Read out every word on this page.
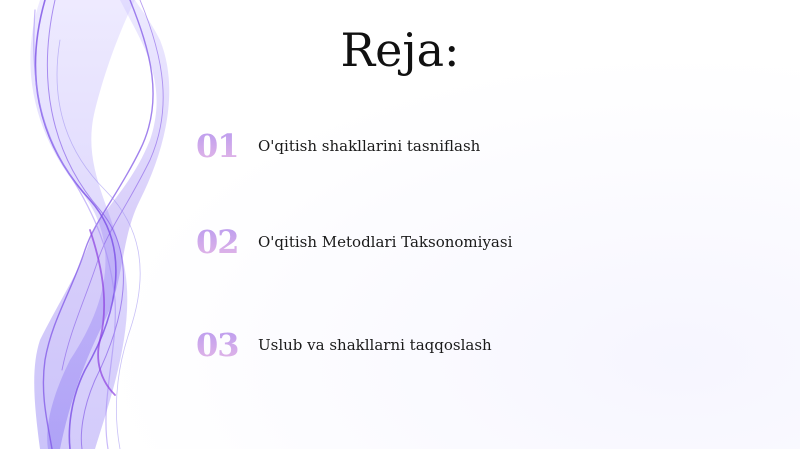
Reja:
01	O'qitish shakllarini tasniflash
02	O'qitish Metodlari Taksonomiyasi
03	Uslub va shakllarni taqqoslash
